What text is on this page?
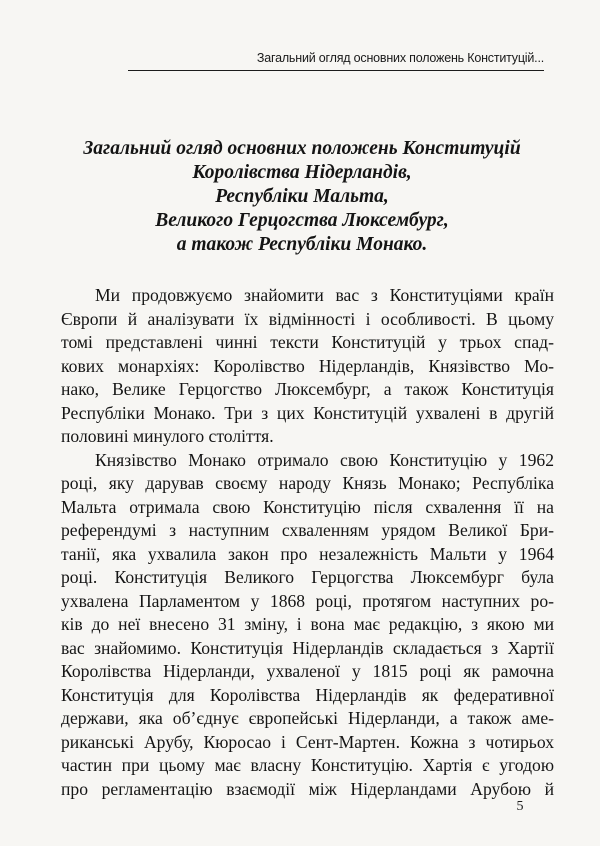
Загальний огляд основних положень Конституцій...
Загальний огляд основних положень Конституцій
Королівства Нідерландів,
Республіки Мальта,
Великого Герцогства Люксембург,
а також Республіки Монако.

Ми продовжуємо знайомити вас з Конституціями країн
Європи й аналізувати їх відмінності і особливості. В цьому
томі представлені чинні тексти Конституцій у трьох спад-
кових монархіях: Королівство Нідерландів, Князівство Мо-
нако, Велике Герцогство Люксембург, а також Конституція
Республіки Монако. Три з цих Конституцій ухвалені в другій
половині минулого століття.

Князівство Монако отримало свою Конституцію у 1962
році, яку дарував своєму народу Князь Монако; Республіка
Мальта отримала свою Конституцію після схвалення її на
референдумі з наступним схваленням урядом Великої Бри-
танії, яка ухвалила закон про незалежність Мальти у 1964
році. Конституція Великого Герцогства Люксембург була
ухвалена Парламентом у 1868 році, протягом наступних ро-
ків до неї внесено 31 зміну, і вона має редакцію, з якою ми
вас знайомимо. Конституція Нідерландів складається з Хартії
Королівства Нідерланди, ухваленої у 1815 році як рамочна
Конституція для Королівства Нідерландів як федеративної
держави, яка об’єднує європейські Нідерланди, а також аме-
риканські Арубу, Кюросао і Сент-Мартен. Кожна з чотирьох
частин при цьому має власну Конституцію. Хартія є угодою
про регламентацію взаємодії між Нідерландами Арубою й

5
